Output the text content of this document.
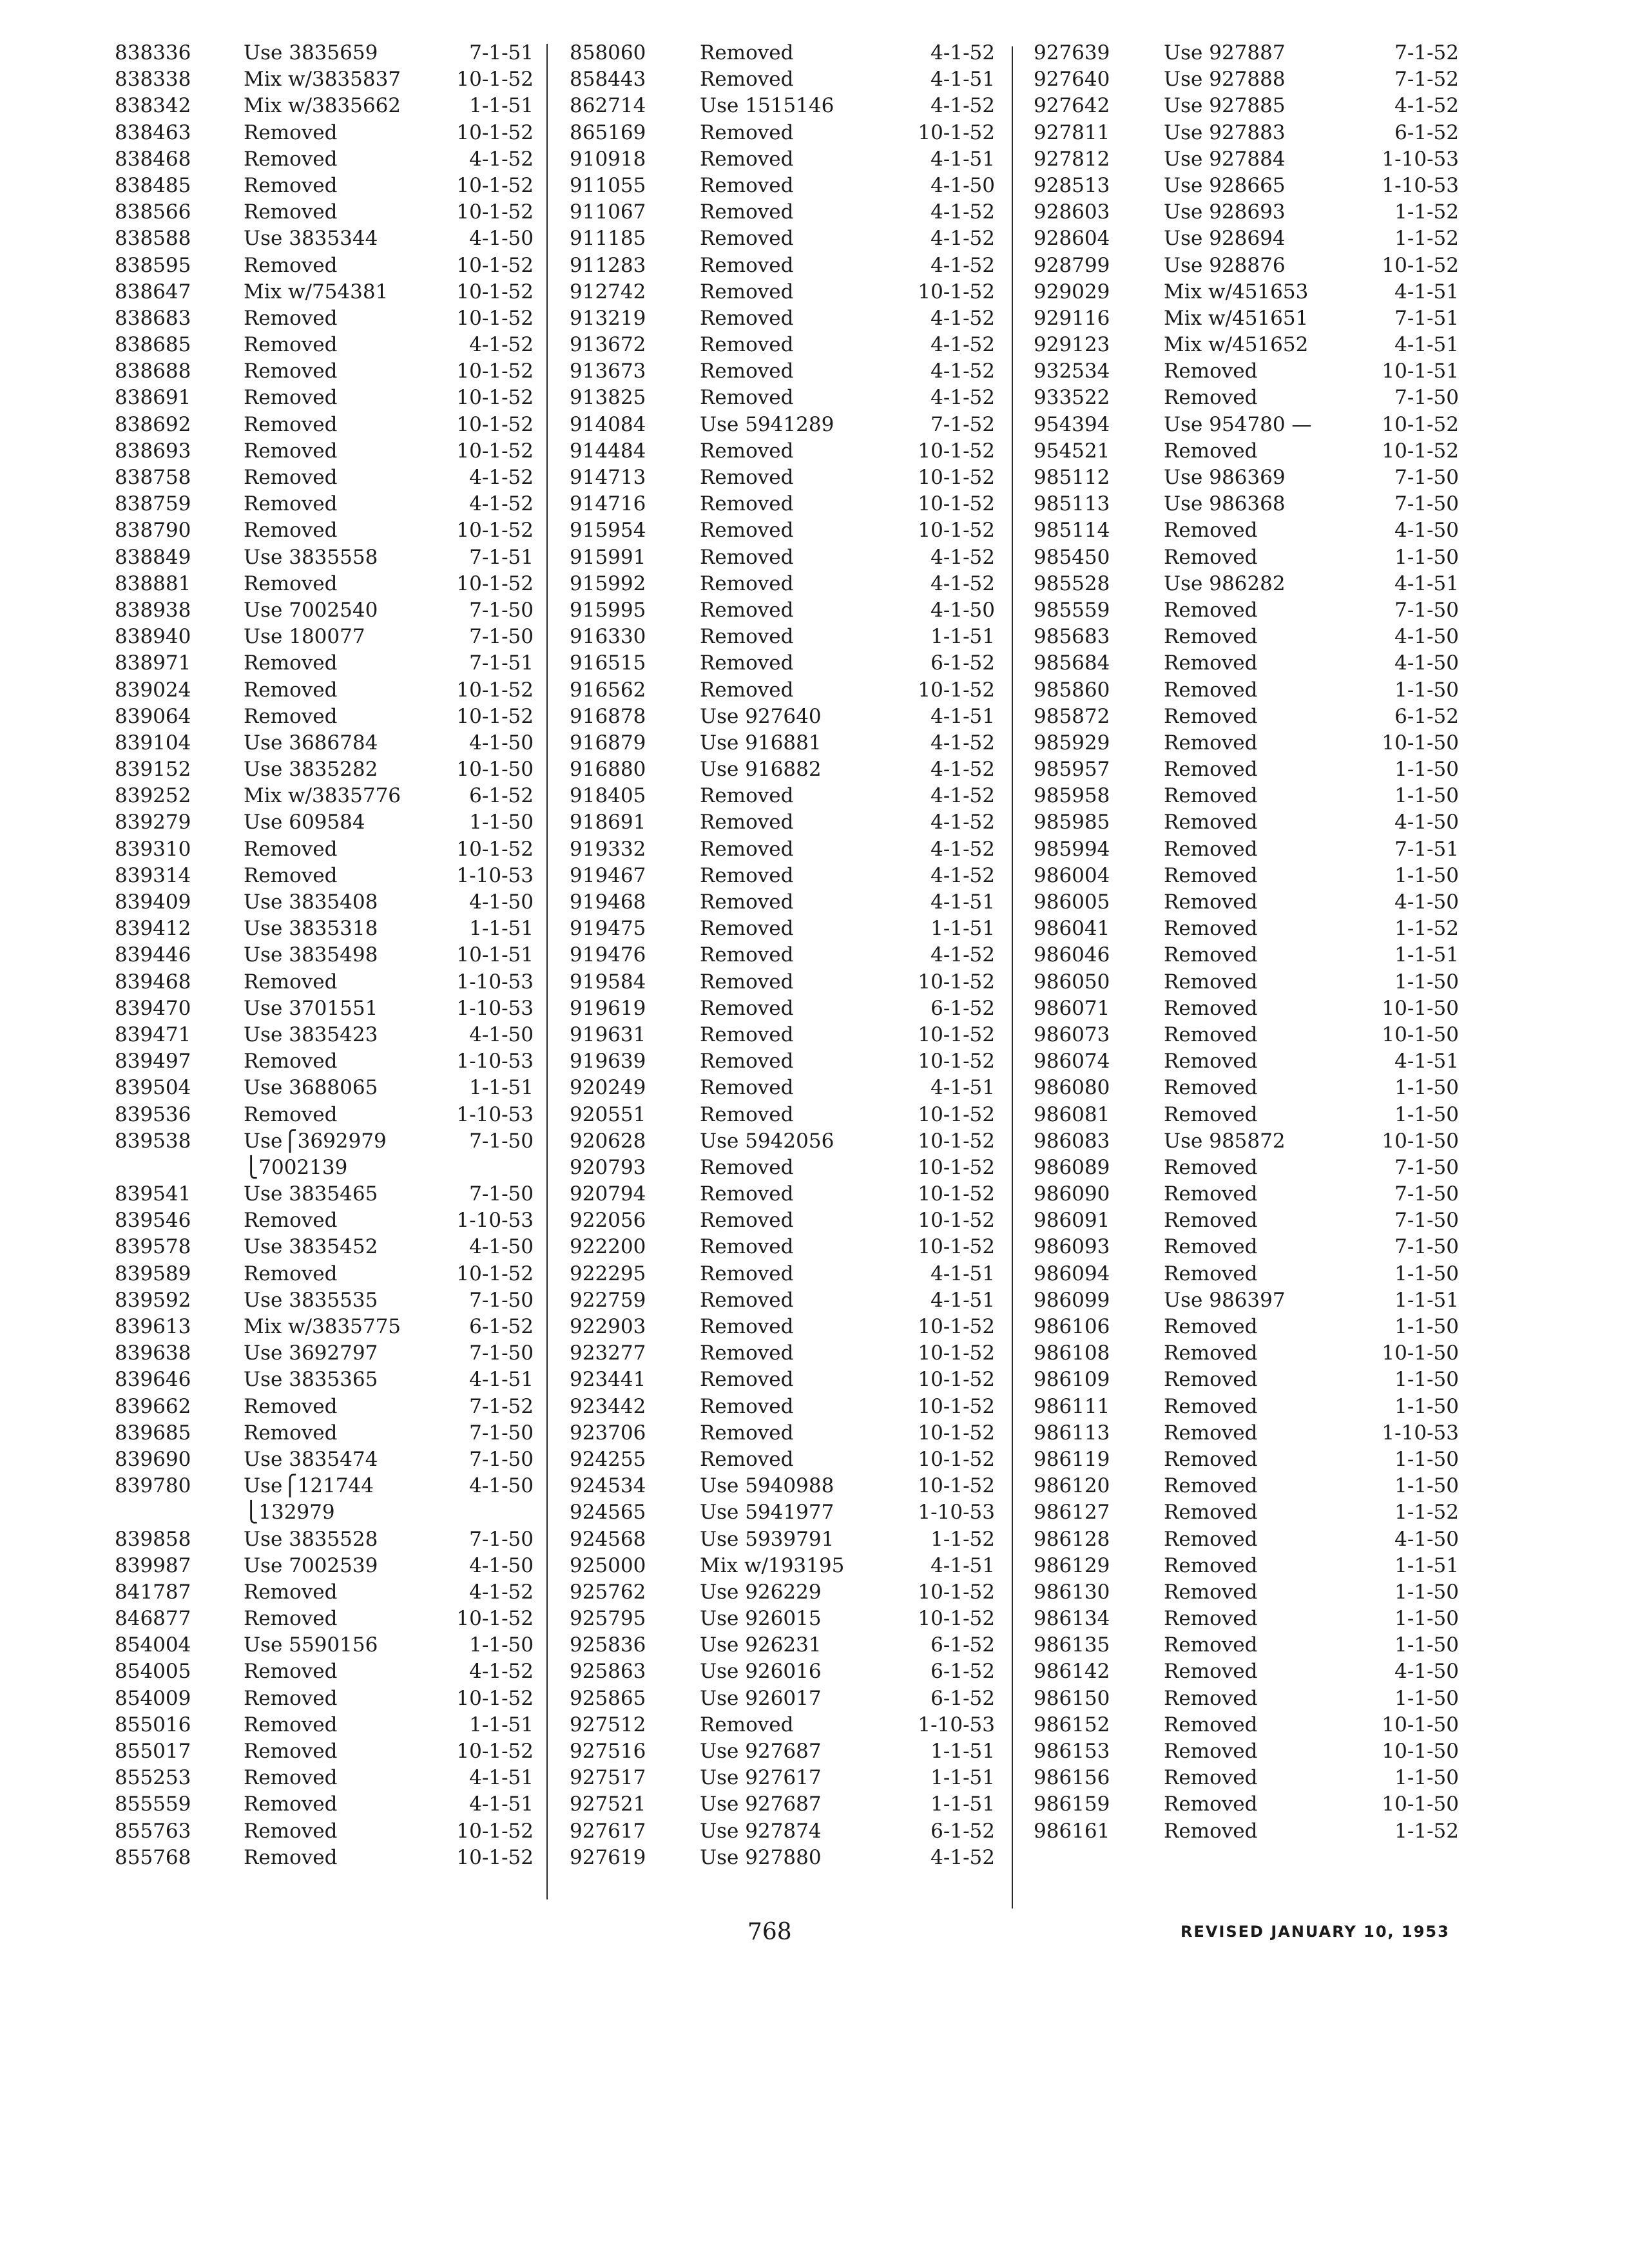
838336	Use 3835659	7-1-51
838338	Mix w/3835837	10-1-52
838342	Mix w/3835662	1-1-51
838463	Removed	10-1-52
838468	Removed	4-1-52
838485	Removed	10-1-52
838566	Removed	10-1-52
838588	Use 3835344	4-1-50
838595	Removed	10-1-52
838647	Mix w/754381	10-1-52
838683	Removed	10-1-52
838685	Removed	4-1-52
838688	Removed	10-1-52
838691	Removed	10-1-52
838692	Removed	10-1-52
838693	Removed	10-1-52
838758	Removed	4-1-52
838759	Removed	4-1-52
838790	Removed	10-1-52
838849	Use 3835558	7-1-51
838881	Removed	10-1-52
838938	Use 7002540	7-1-50
838940	Use 180077	7-1-50
838971	Removed	7-1-51
839024	Removed	10-1-52
839064	Removed	10-1-52
839104	Use 3686784	4-1-50
839152	Use 3835282	10-1-50
839252	Mix w/3835776	6-1-52
839279	Use 609584	1-1-50
839310	Removed	10-1-52
839314	Removed	1-10-53
839409	Use 3835408	4-1-50
839412	Use 3835318	1-1-51
839446	Use 3835498	10-1-51
839468	Removed	1-10-53
839470	Use 3701551	1-10-53
839471	Use 3835423	4-1-50
839497	Removed	1-10-53
839504	Use 3688065	1-1-51
839536	Removed	1-10-53
839538	Use⎧3692979	7-1-50
⎩7002139
839541	Use 3835465	7-1-50
839546	Removed	1-10-53
839578	Use 3835452	4-1-50
839589	Removed	10-1-52
839592	Use 3835535	7-1-50
839613	Mix w/3835775	6-1-52
839638	Use 3692797	7-1-50
839646	Use 3835365	4-1-51
839662	Removed	7-1-52
839685	Removed	7-1-50
839690	Use 3835474	7-1-50
839780	Use⎧121744	4-1-50
⎩132979
839858	Use 3835528	7-1-50
839987	Use 7002539	4-1-50
841787	Removed	4-1-52
846877	Removed	10-1-52
854004	Use 5590156	1-1-50
854005	Removed	4-1-52
854009	Removed	10-1-52
855016	Removed	1-1-51
855017	Removed	10-1-52
855253	Removed	4-1-51
855559	Removed	4-1-51
855763	Removed	10-1-52
855768	Removed	10-1-52
858060	Removed	4-1-52
858443	Removed	4-1-51
862714	Use 1515146	4-1-52
865169	Removed	10-1-52
910918	Removed	4-1-51
911055	Removed	4-1-50
911067	Removed	4-1-52
911185	Removed	4-1-52
911283	Removed	4-1-52
912742	Removed	10-1-52
913219	Removed	4-1-52
913672	Removed	4-1-52
913673	Removed	4-1-52
913825	Removed	4-1-52
914084	Use 5941289	7-1-52
914484	Removed	10-1-52
914713	Removed	10-1-52
914716	Removed	10-1-52
915954	Removed	10-1-52
915991	Removed	4-1-52
915992	Removed	4-1-52
915995	Removed	4-1-50
916330	Removed	1-1-51
916515	Removed	6-1-52
916562	Removed	10-1-52
916878	Use 927640	4-1-51
916879	Use 916881	4-1-52
916880	Use 916882	4-1-52
918405	Removed	4-1-52
918691	Removed	4-1-52
919332	Removed	4-1-52
919467	Removed	4-1-52
919468	Removed	4-1-51
919475	Removed	1-1-51
919476	Removed	4-1-52
919584	Removed	10-1-52
919619	Removed	6-1-52
919631	Removed	10-1-52
919639	Removed	10-1-52
920249	Removed	4-1-51
920551	Removed	10-1-52
920628	Use 5942056	10-1-52
920793	Removed	10-1-52
920794	Removed	10-1-52
922056	Removed	10-1-52
922200	Removed	10-1-52
922295	Removed	4-1-51
922759	Removed	4-1-51
922903	Removed	10-1-52
923277	Removed	10-1-52
923441	Removed	10-1-52
923442	Removed	10-1-52
923706	Removed	10-1-52
924255	Removed	10-1-52
924534	Use 5940988	10-1-52
924565	Use 5941977	1-10-53
924568	Use 5939791	1-1-52
925000	Mix w/193195	4-1-51
925762	Use 926229	10-1-52
925795	Use 926015	10-1-52
925836	Use 926231	6-1-52
925863	Use 926016	6-1-52
925865	Use 926017	6-1-52
927512	Removed	1-10-53
927516	Use 927687	1-1-51
927517	Use 927617	1-1-51
927521	Use 927687	1-1-51
927617	Use 927874	6-1-52
927619	Use 927880	4-1-52
927639	Use 927887	7-1-52
927640	Use 927888	7-1-52
927642	Use 927885	4-1-52
927811	Use 927883	6-1-52
927812	Use 927884	1-10-53
928513	Use 928665	1-10-53
928603	Use 928693	1-1-52
928604	Use 928694	1-1-52
928799	Use 928876	10-1-52
929029	Mix w/451653	4-1-51
929116	Mix w/451651	7-1-51
929123	Mix w/451652	4-1-51
932534	Removed	10-1-51
933522	Removed	7-1-50
954394	Use 954780 —	10-1-52
954521	Removed	10-1-52
985112	Use 986369	7-1-50
985113	Use 986368	7-1-50
985114	Removed	4-1-50
985450	Removed	1-1-50
985528	Use 986282	4-1-51
985559	Removed	7-1-50
985683	Removed	4-1-50
985684	Removed	4-1-50
985860	Removed	1-1-50
985872	Removed	6-1-52
985929	Removed	10-1-50
985957	Removed	1-1-50
985958	Removed	1-1-50
985985	Removed	4-1-50
985994	Removed	7-1-51
986004	Removed	1-1-50
986005	Removed	4-1-50
986041	Removed	1-1-52
986046	Removed	1-1-51
986050	Removed	1-1-50
986071	Removed	10-1-50
986073	Removed	10-1-50
986074	Removed	4-1-51
986080	Removed	1-1-50
986081	Removed	1-1-50
986083	Use 985872	10-1-50
986089	Removed	7-1-50
986090	Removed	7-1-50
986091	Removed	7-1-50
986093	Removed	7-1-50
986094	Removed	1-1-50
986099	Use 986397	1-1-51
986106	Removed	1-1-50
986108	Removed	10-1-50
986109	Removed	1-1-50
986111	Removed	1-1-50
986113	Removed	1-10-53
986119	Removed	1-1-50
986120	Removed	1-1-50
986127	Removed	1-1-52
986128	Removed	4-1-50
986129	Removed	1-1-51
986130	Removed	1-1-50
986134	Removed	1-1-50
986135	Removed	1-1-50
986142	Removed	4-1-50
986150	Removed	1-1-50
986152	Removed	10-1-50
986153	Removed	10-1-50
986156	Removed	1-1-50
986159	Removed	10-1-50
986161	Removed	1-1-52
768	REVISED JANUARY 10, 1953
